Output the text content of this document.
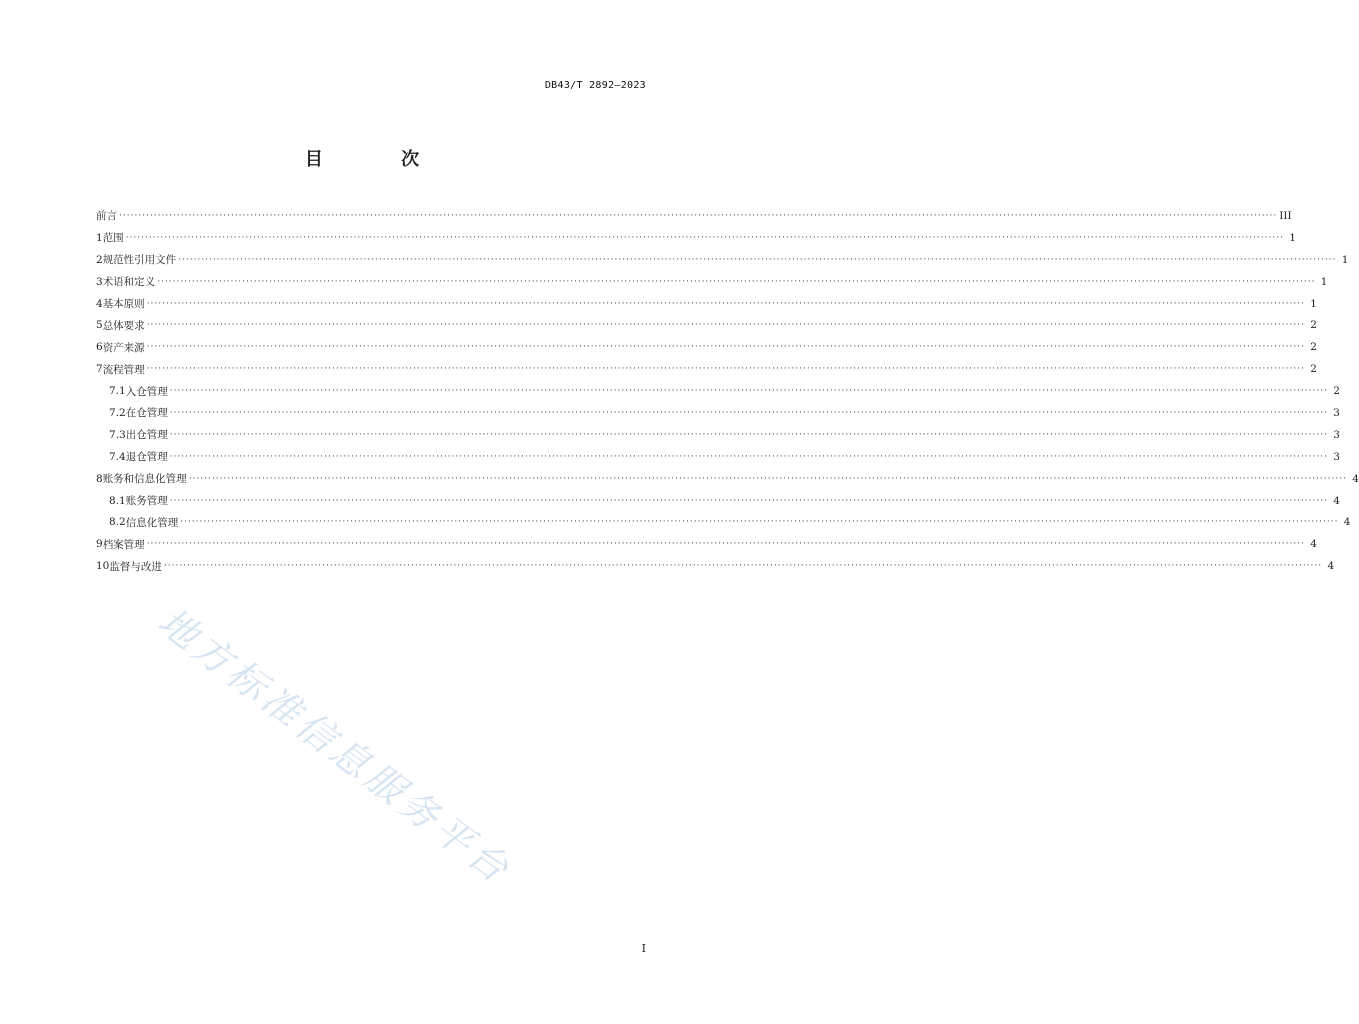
DB43/T 2892—2023
目 次
前言 ············································································································································································································································································································ III
1 范围 ············································································································································································································································································································ 1
2 规范性引用文件 ············································································································································································································································································································ 1
3 术语和定义 ············································································································································································································································································································ 1
4 基本原则 ············································································································································································································································································································ 1
5 总体要求 ············································································································································································································································································································ 2
6 资产来源 ············································································································································································································································································································ 2
7 流程管理 ············································································································································································································································································································ 2
7.1 入仓管理 ············································································································································································································································································································ 2
7.2 在仓管理 ············································································································································································································································································································ 3
7.3 出仓管理 ············································································································································································································································································································ 3
7.4 退仓管理 ············································································································································································································································································································ 3
8 账务和信息化管理 ············································································································································································································································································································ 4
8.1 账务管理 ············································································································································································································································································································ 4
8.2 信息化管理 ············································································································································································································································································································ 4
9 档案管理 ············································································································································································································································································································ 4
10 监督与改进 ············································································································································································································································································································ 4
地方标准信息服务平台
I
